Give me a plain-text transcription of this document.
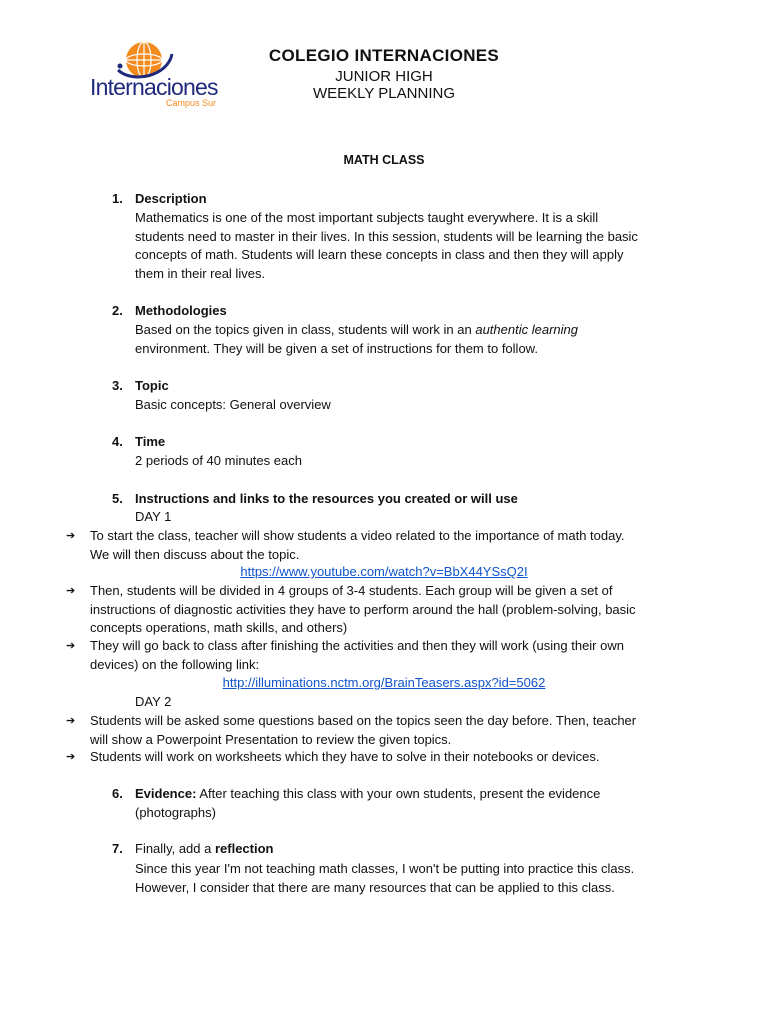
Internaciones
Campus Sur
COLEGIO INTERNACIONES
JUNIOR HIGH
WEEKLY PLANNING
MATH CLASS
1. Description
Mathematics is one of the most important subjects taught everywhere. It is a skill
students need to master in their lives. In this session, students will be learning the basic
concepts of math. Students will learn these concepts in class and then they will apply
them in their real lives.
2. Methodologies
Based on the topics given in class, students will work in an authentic learning
environment. They will be given a set of instructions for them to follow.
3. Topic
Basic concepts: General overview
4. Time
2 periods of 40 minutes each
5. Instructions and links to the resources you created or will use
DAY 1
➔ To start the class, teacher will show students a video related to the importance of math today.
We will then discuss about the topic.
https://www.youtube.com/watch?v=BbX44YSsQ2I
➔ Then, students will be divided in 4 groups of 3-4 students. Each group will be given a set of
instructions of diagnostic activities they have to perform around the hall (problem-solving, basic
concepts operations, math skills, and others)
➔ They will go back to class after finishing the activities and then they will work (using their own
devices) on the following link:
http://illuminations.nctm.org/BrainTeasers.aspx?id=5062
DAY 2
➔ Students will be asked some questions based on the topics seen the day before. Then, teacher
will show a Powerpoint Presentation to review the given topics.
➔ Students will work on worksheets which they have to solve in their notebooks or devices.
6. Evidence: After teaching this class with your own students, present the evidence
(photographs)
7. Finally, add a reflection
Since this year I'm not teaching math classes, I won't be putting into practice this class.
However, I consider that there are many resources that can be applied to this class.
